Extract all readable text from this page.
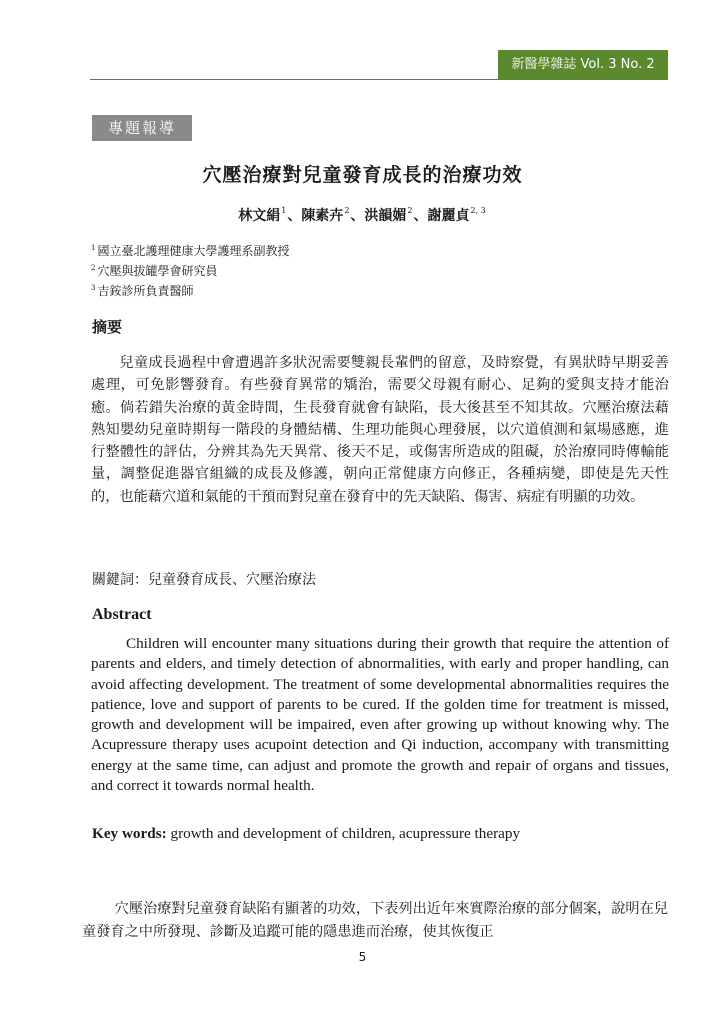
新醫學雜誌 Vol. 3 No. 2
專題報導
穴壓治療對兒童發育成長的治療功效
林文絹$^1$、陳素卉$^2$、洪韻媚$^2$、謝麗貞$^{2, 3}$
$^1$ 國立臺北護理健康大學護理系副教授
$^2$ 穴壓與拔罐學會研究員
$^3$ 吉銨診所負責醫師
摘要

兒童成長過程中會遭遇許多狀況需要雙親長輩們的留意，及時察覺，有異狀時早期妥善處理，可免影響發育。有些發育異常的矯治，需要父母親有耐心、足夠的愛與支持才能治癒。倘若錯失治療的黃金時間，生長發育就會有缺陷，長大後甚至不知其故。穴壓治療法藉熟知嬰幼兒童時期每一階段的身體結構、生理功能與心理發展，以穴道偵測和氣場感應，進行整體性的評估，分辨其為先天異常、後天不足，或傷害所造成的阻礙，於治療同時傳輸能量，調整促進器官組織的成長及修護，朝向正常健康方向修正，各種病變，即使是先天性的，也能藉穴道和氣能的干預而對兒童在發育中的先天缺陷、傷害、病症有明顯的功效。

關鍵詞：兒童發育成長、穴壓治療法
Abstract

Children will encounter many situations during their growth that require the attention of parents and elders, and timely detection of abnormalities, with early and proper handling, can avoid affecting development. The treatment of some developmental abnormalities requires the patience, love and support of parents to be cured. If the golden time for treatment is missed, growth and development will be impaired, even after growing up without knowing why. The Acupressure therapy uses acupoint detection and Qi induction, accompany with transmitting energy at the same time, can adjust and promote the growth and repair of organs and tissues, and correct it towards normal health.

Key words: growth and development of children, acupressure therapy

穴壓治療對兒童發育缺陷有顯著的功效，下表列出近年來實際治療的部分個案，說明在兒童發育之中所發現、診斷及追蹤可能的隱患進而治療，使其恢復正

5
